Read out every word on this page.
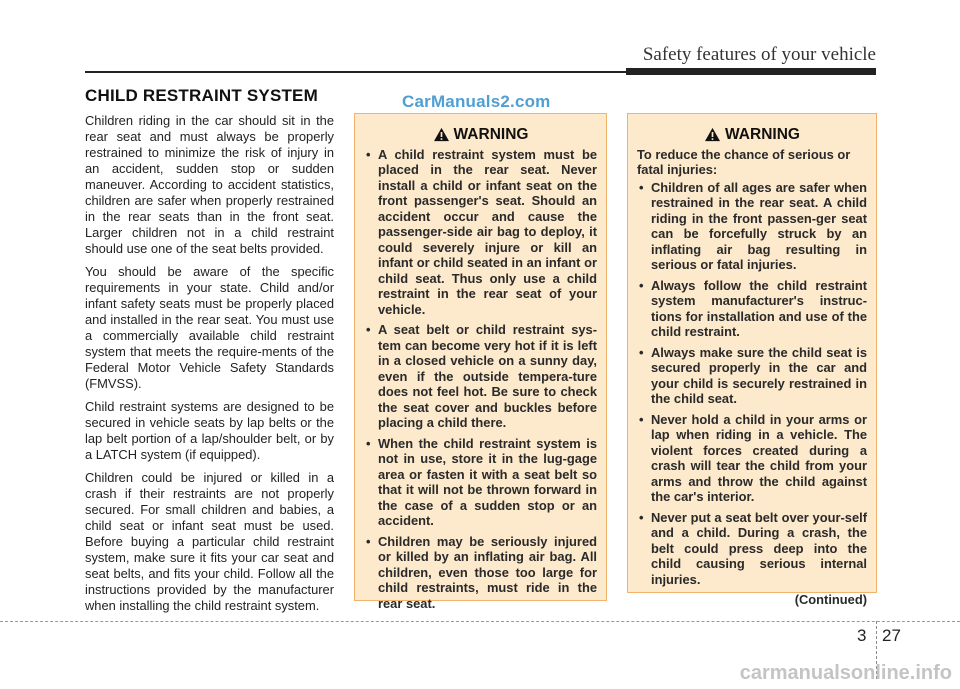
Safety features of your vehicle
CHILD RESTRAINT SYSTEM	CarManuals2.com

Children riding in the car should sit in the rear seat and must always be properly restrained to minimize the risk of injury in an accident, sudden stop or sudden maneuver. According to accident statistics, children are safer when properly restrained in the rear seats than in the front seat. Larger children not in a child restraint should use one of the seat belts provided.

You should be aware of the specific requirements in your state. Child and/or infant safety seats must be properly placed and installed in the rear seat. You must use a commercially available child restraint system that meets the require-ments of the Federal Motor Vehicle Safety Standards (FMVSS).

Child restraint systems are designed to be secured in vehicle seats by lap belts or the lap belt portion of a lap/shoulder belt, or by a LATCH system (if equipped).

Children could be injured or killed in a crash if their restraints are not properly secured. For small children and babies, a child seat or infant seat must be used. Before buying a particular child restraint system, make sure it fits your car seat and seat belts, and fits your child. Follow all the instructions provided by the manufacturer when installing the child restraint system.

WARNING
• A child restraint system must be placed in the rear seat. Never install a child or infant seat on the front passenger's seat. Should an accident occur and cause the passenger-side air bag to deploy, it could severely injure or kill an infant or child seated in an infant or child seat. Thus only use a child restraint in the rear seat of your vehicle.
• A seat belt or child restraint sys-tem can become very hot if it is left in a closed vehicle on a sunny day, even if the outside tempera-ture does not feel hot. Be sure to check the seat cover and buckles before placing a child there.
• When the child restraint system is not in use, store it in the lug-gage area or fasten it with a seat belt so that it will not be thrown forward in the case of a sudden stop or an accident.
• Children may be seriously injured or killed by an inflating air bag. All children, even those too large for child restraints, must ride in the rear seat.
WARNING
To reduce the chance of serious or fatal injuries:
• Children of all ages are safer when restrained in the rear seat. A child riding in the front passen-ger seat can be forcefully struck by an inflating air bag resulting in serious or fatal injuries.
• Always follow the child restraint system manufacturer's instruc-tions for installation and use of the child restraint.
• Always make sure the child seat is secured properly in the car and your child is securely restrained in the child seat.
• Never hold a child in your arms or lap when riding in a vehicle. The violent forces created during a crash will tear the child from your arms and throw the child against the car's interior.
• Never put a seat belt over your-self and a child. During a crash, the belt could press deep into the child causing serious internal injuries.
(Continued)
3 27
carmanualsonline.info
